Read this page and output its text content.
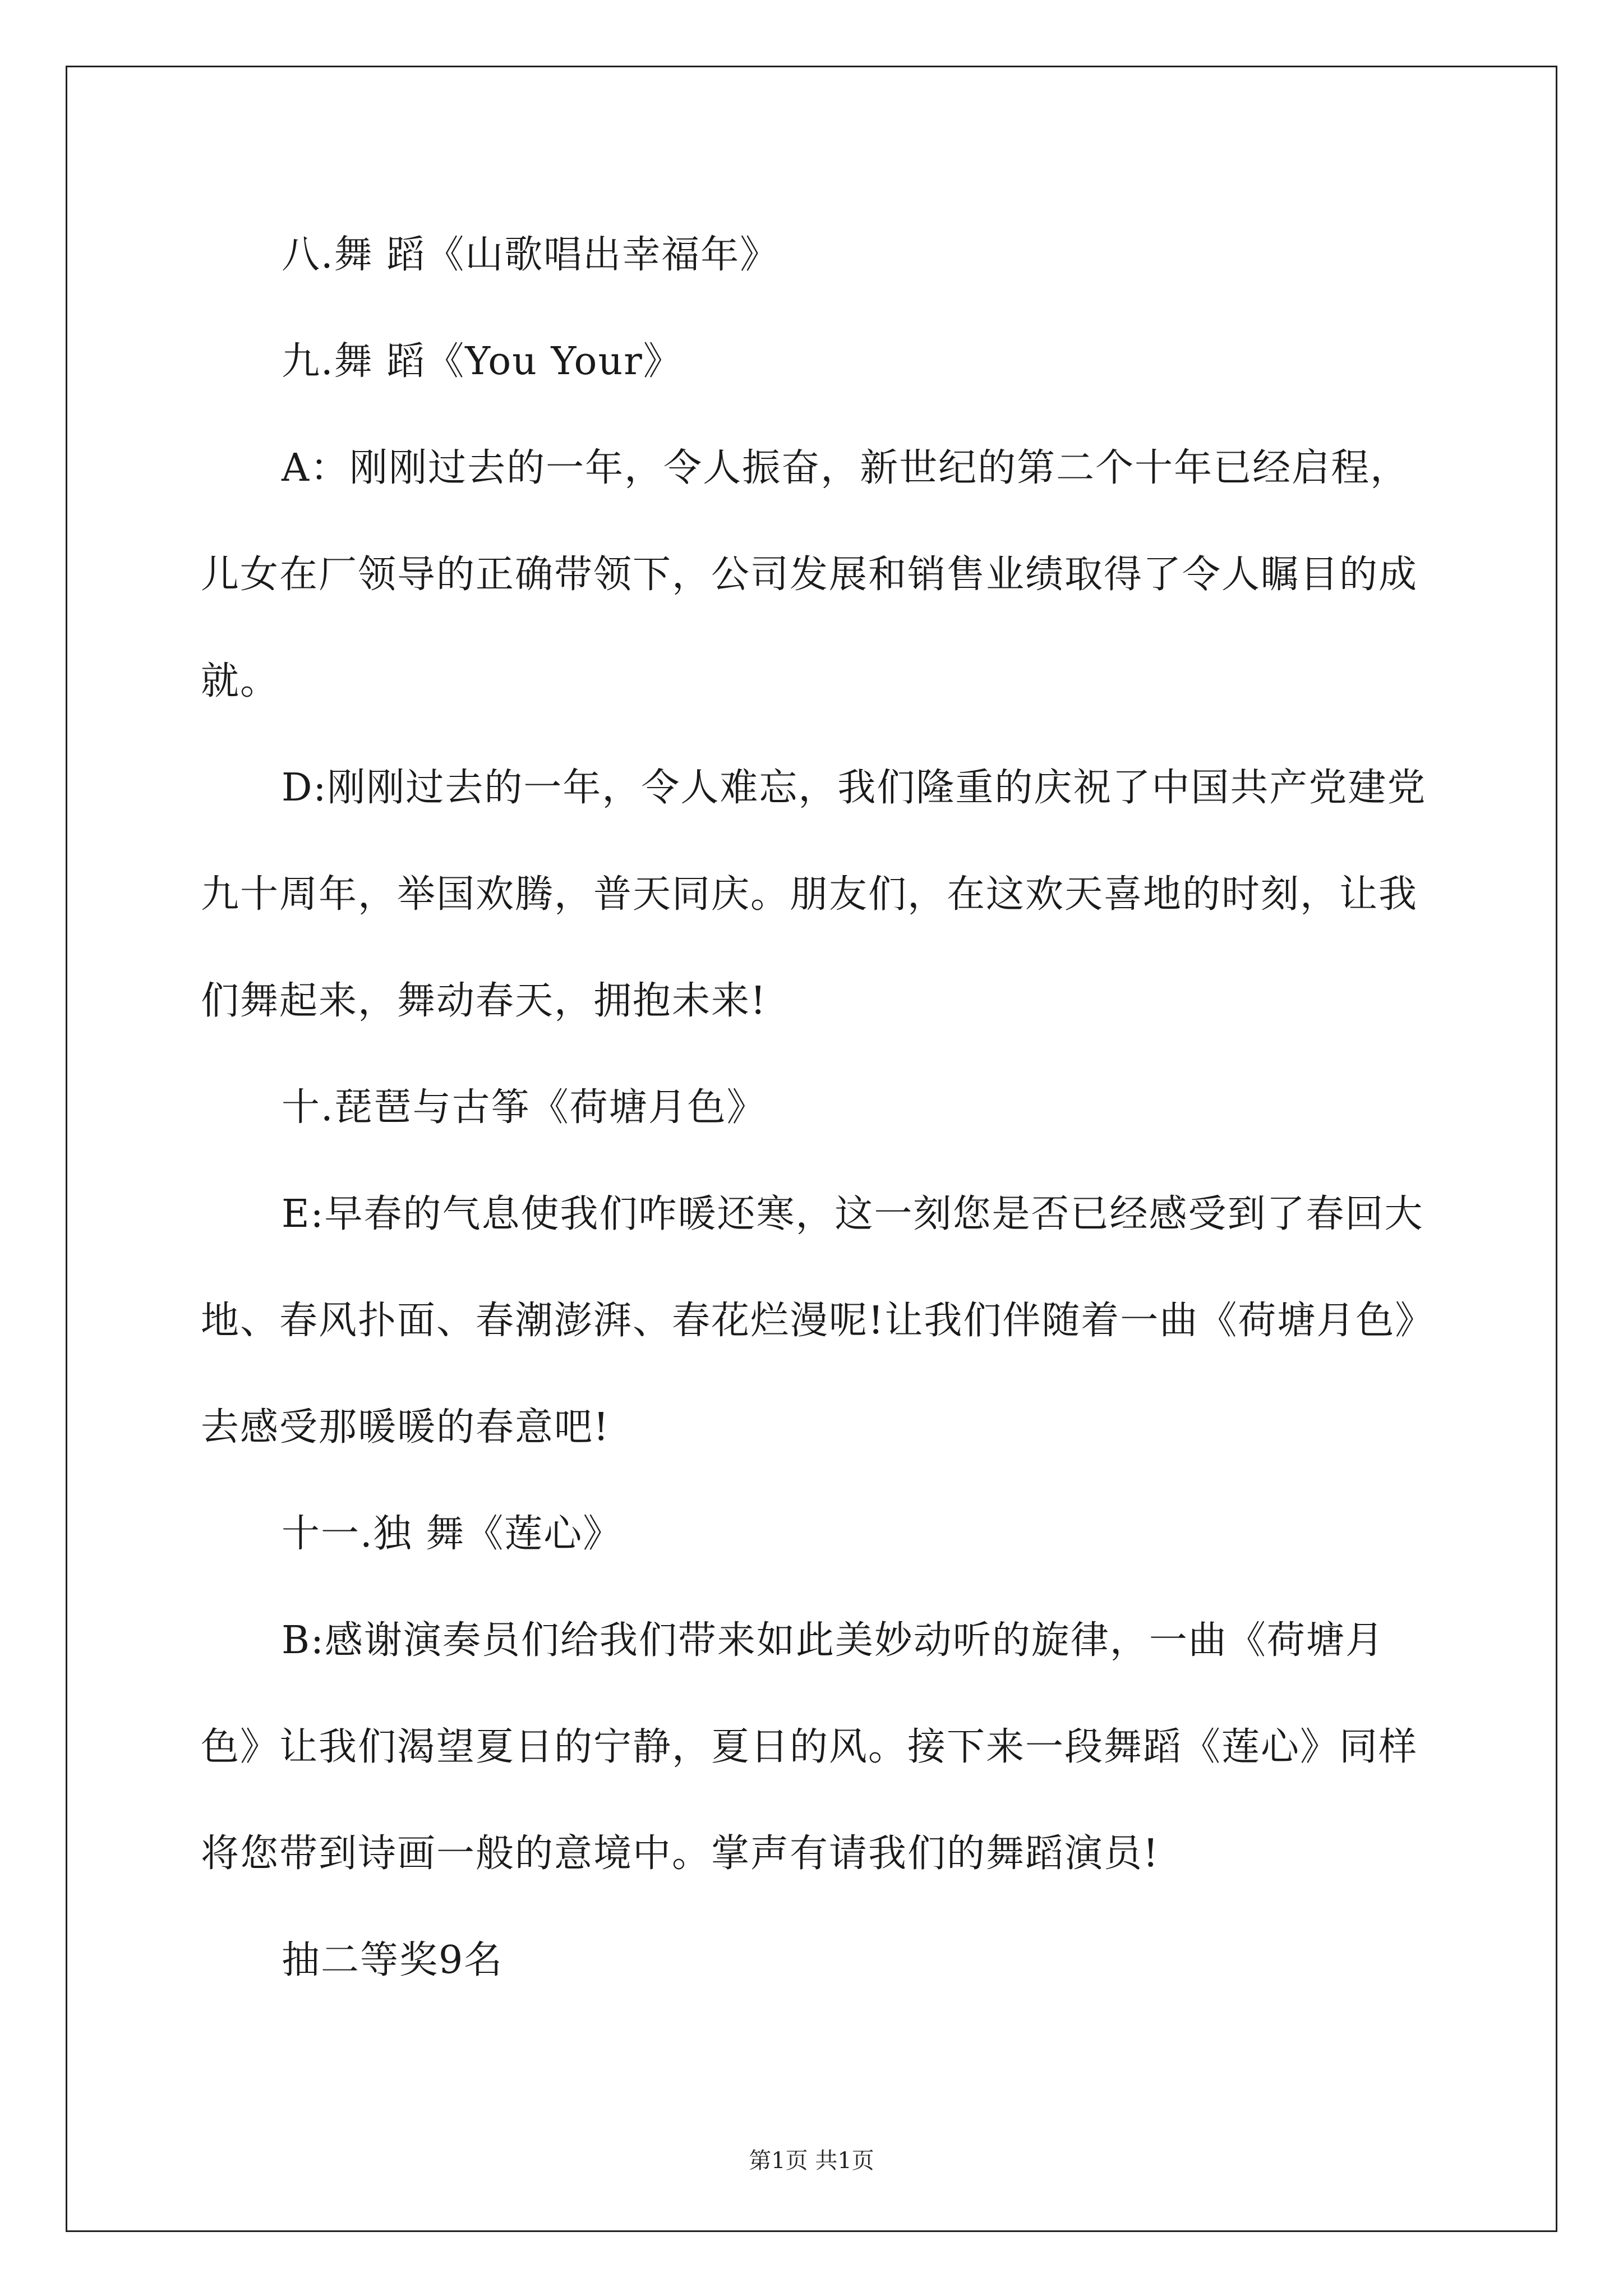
八.舞 蹈《山歌唱出幸福年》

九.舞 蹈《You Your》

A：刚刚过去的一年，令人振奋，新世纪的第二个十年已经启程，儿女在厂领导的正确带领下，公司发展和销售业绩取得了令人瞩目的成就。

D:刚刚过去的一年，令人难忘，我们隆重的庆祝了中国共产党建党九十周年，举国欢腾，普天同庆。朋友们，在这欢天喜地的时刻，让我们舞起来，舞动春天，拥抱未来!

十.琵琶与古筝《荷塘月色》

E:早春的气息使我们咋暖还寒，这一刻您是否已经感受到了春回大地、春风扑面、春潮澎湃、春花烂漫呢!让我们伴随着一曲《荷塘月色》去感受那暖暖的春意吧!

十一.独 舞《莲心》

B:感谢演奏员们给我们带来如此美妙动听的旋律，一曲《荷塘月色》让我们渴望夏日的宁静，夏日的风。接下来一段舞蹈《莲心》同样将您带到诗画一般的意境中。掌声有请我们的舞蹈演员!

抽二等奖9名

第1页 共1页
